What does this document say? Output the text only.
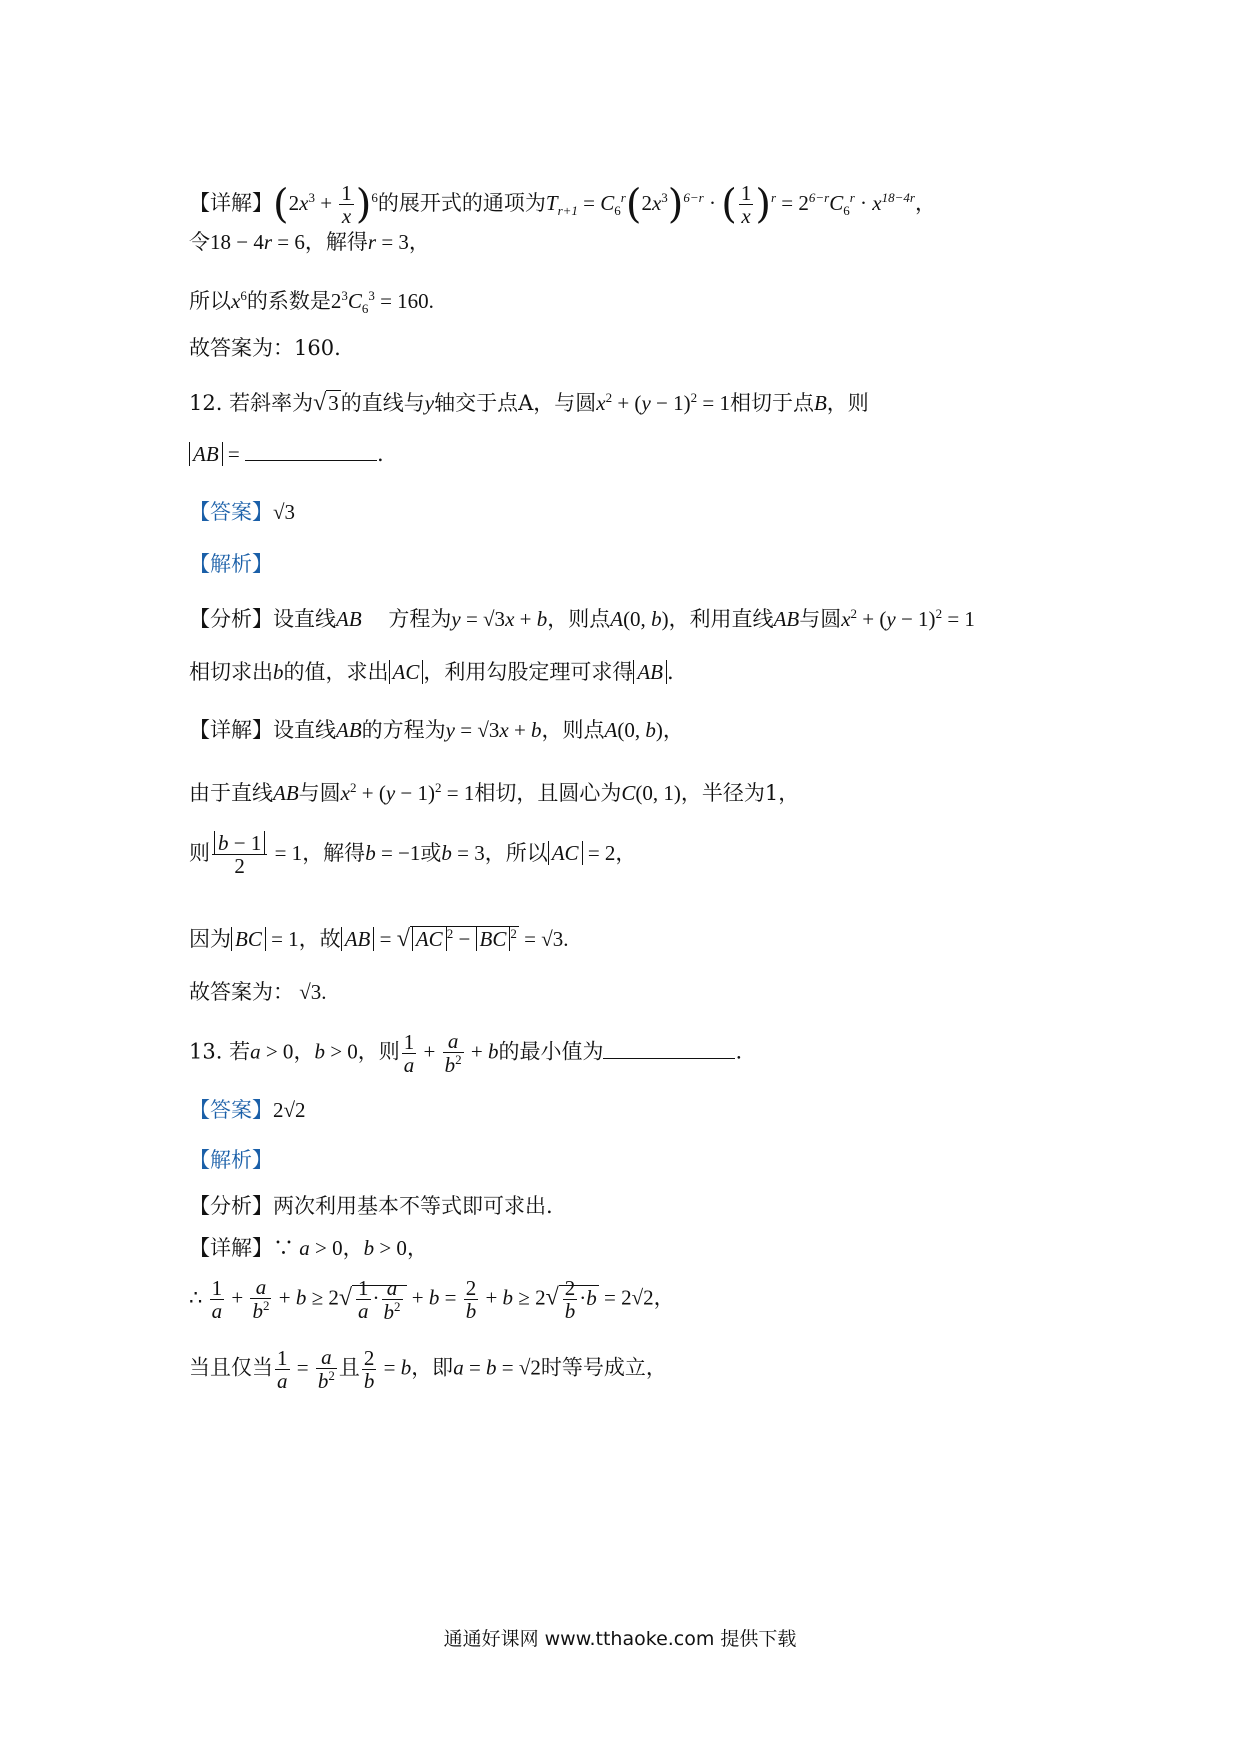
【详解】$(2x^3 + \frac{1}{x} )^6$的展开式的通项为$T_{r+1} = C_6^r(2x^3)^{6-r}$ · ( $\frac{1}{x} )^r = 2^{6-r}C_6^r \cdot x^{18-4r}$，
令18 − 4r = 6，解得r = 3，
所以$x^6$的系数是$2^3C_6^3 = 160$.
故答案为：160.
12. 若斜率为√3的直线与y轴交于点A，与圆$x^2 + (y - 1)^2 = 1$相切于点B，则
AB =	.
【答案】√3
【解析】
【分析】设直线AB 方程为y = √3x + b，则点A(0, b)，利用直线AB与圆$x^2 + (y - 1)^2 = 1$
相切求出b的值，求出 AC ，利用勾股定理可求得 AB .
【详解】设直线AB的方程为y = √3x + b，则点A(0, b)，
由于直线AB与圆$x^2 + (y - 1)^2 = 1$相切，且圆心为C(0, 1)，半径为1，
则 $\frac{b - 1}{2} = 1$，解得b = −1或b = 3，所以 AC = 2，
因为 BC = 1，故 AB = √ AC $^2$ − BC $^2$ = √3.
故答案为： √3.
13. 若a > 0，b > 0，则 $\frac{1}{a} + \frac{a}{b^2} + b$的最小值为	.
【答案】2√2
【解析】
【分析】两次利用基本不等式即可求出.
【详解】∵ a > 0，b > 0，
∴ $\frac{1}{a} + \frac{a}{b^2} + b \ge 2√ \frac{1}{a} \cdot \frac{a}{b^2} + b = \frac{2}{b} + b \ge 2√ \frac{2}{b} \cdot b = 2√2$，
当且仅当 $\frac{1}{a} = \frac{a}{b^2}$ 且 $\frac{2}{b} = b$，即a = b = √2时等号成立，
通通好课网 www.tthaoke.com 提供下载
